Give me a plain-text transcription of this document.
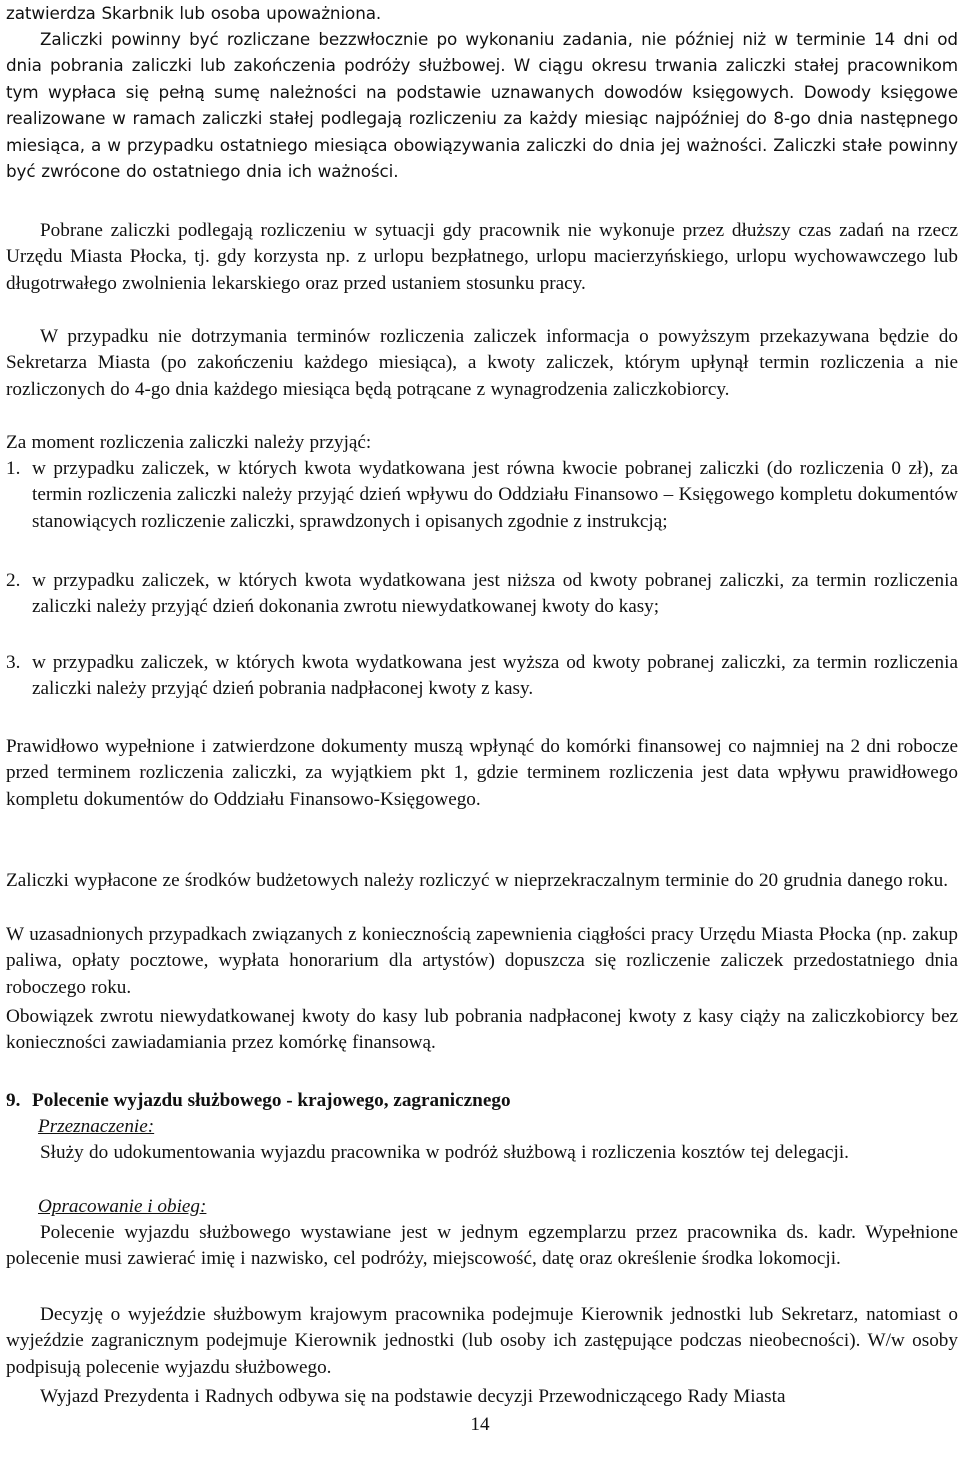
zatwierdza Skarbnik lub osoba upoważniona.
Zaliczki powinny być rozliczane bezzwłocznie po wykonaniu zadania, nie później niż w terminie 14 dni od dnia pobrania zaliczki lub zakończenia podróży służbowej. W ciągu okresu trwania zaliczki stałej pracownikom tym wypłaca się pełną sumę należności na podstawie uznawanych dowodów księgowych. Dowody księgowe realizowane w ramach zaliczki stałej podlegają rozliczeniu za każdy miesiąc najpóźniej do 8-go dnia następnego miesiąca, a w przypadku ostatniego miesiąca obowiązywania zaliczki do dnia jej ważności. Zaliczki stałe powinny być zwrócone do ostatniego dnia ich ważności.
Pobrane zaliczki podlegają rozliczeniu w sytuacji gdy pracownik nie wykonuje przez dłuższy czas zadań na rzecz Urzędu Miasta Płocka, tj. gdy korzysta np. z urlopu bezpłatnego, urlopu macierzyńskiego, urlopu wychowawczego lub długotrwałego zwolnienia lekarskiego oraz przed ustaniem stosunku pracy.
W przypadku nie dotrzymania terminów rozliczenia zaliczek informacja o powyższym przekazywana będzie do Sekretarza Miasta (po zakończeniu każdego miesiąca), a kwoty zaliczek, którym upłynął termin rozliczenia a nie rozliczonych do 4-go dnia każdego miesiąca będą potrącane z wynagrodzenia zaliczkobiorcy.
Za moment rozliczenia zaliczki należy przyjąć:
1. w przypadku zaliczek, w których kwota wydatkowana jest równa kwocie pobranej zaliczki (do rozliczenia 0 zł), za termin rozliczenia zaliczki należy przyjąć dzień wpływu do Oddziału Finansowo – Księgowego kompletu dokumentów stanowiących rozliczenie zaliczki, sprawdzonych i opisanych zgodnie z instrukcją;
2. w przypadku zaliczek, w których kwota wydatkowana jest niższa od kwoty pobranej zaliczki, za termin rozliczenia zaliczki należy przyjąć dzień dokonania zwrotu niewydatkowanej kwoty do kasy;
3. w przypadku zaliczek, w których kwota wydatkowana jest wyższa od kwoty pobranej zaliczki, za termin rozliczenia zaliczki należy przyjąć dzień pobrania nadpłaconej kwoty z kasy.
Prawidłowo wypełnione i zatwierdzone dokumenty muszą wpłynąć do komórki finansowej co najmniej na 2 dni robocze przed terminem rozliczenia zaliczki, za wyjątkiem pkt 1, gdzie terminem rozliczenia jest data wpływu prawidłowego kompletu dokumentów do Oddziału Finansowo-Księgowego.
Zaliczki wypłacone ze środków budżetowych należy rozliczyć w nieprzekraczalnym terminie do 20 grudnia danego roku.
W uzasadnionych przypadkach związanych z koniecznością zapewnienia ciągłości pracy Urzędu Miasta Płocka (np. zakup paliwa, opłaty pocztowe, wypłata honorarium dla artystów) dopuszcza się rozliczenie zaliczek przedostatniego dnia roboczego roku.
Obowiązek zwrotu niewydatkowanej kwoty do kasy lub pobrania nadpłaconej kwoty z kasy ciąży na zaliczkobiorcy bez konieczności zawiadamiania przez komórkę finansową.
9. Polecenie wyjazdu służbowego - krajowego, zagranicznego
Przeznaczenie:
Służy do udokumentowania wyjazdu pracownika w podróż służbową i rozliczenia kosztów tej delegacji.
Opracowanie i obieg:
Polecenie wyjazdu służbowego wystawiane jest w jednym egzemplarzu przez pracownika ds. kadr. Wypełnione polecenie musi zawierać imię i nazwisko, cel podróży, miejscowość, datę oraz określenie środka lokomocji.
Decyzję o wyjeździe służbowym krajowym pracownika podejmuje Kierownik jednostki lub Sekretarz, natomiast o wyjeździe zagranicznym podejmuje Kierownik jednostki (lub osoby ich zastępujące podczas nieobecności). W/w osoby podpisują polecenie wyjazdu służbowego.
Wyjazd Prezydenta i Radnych odbywa się na podstawie decyzji Przewodniczącego Rady Miasta
14
